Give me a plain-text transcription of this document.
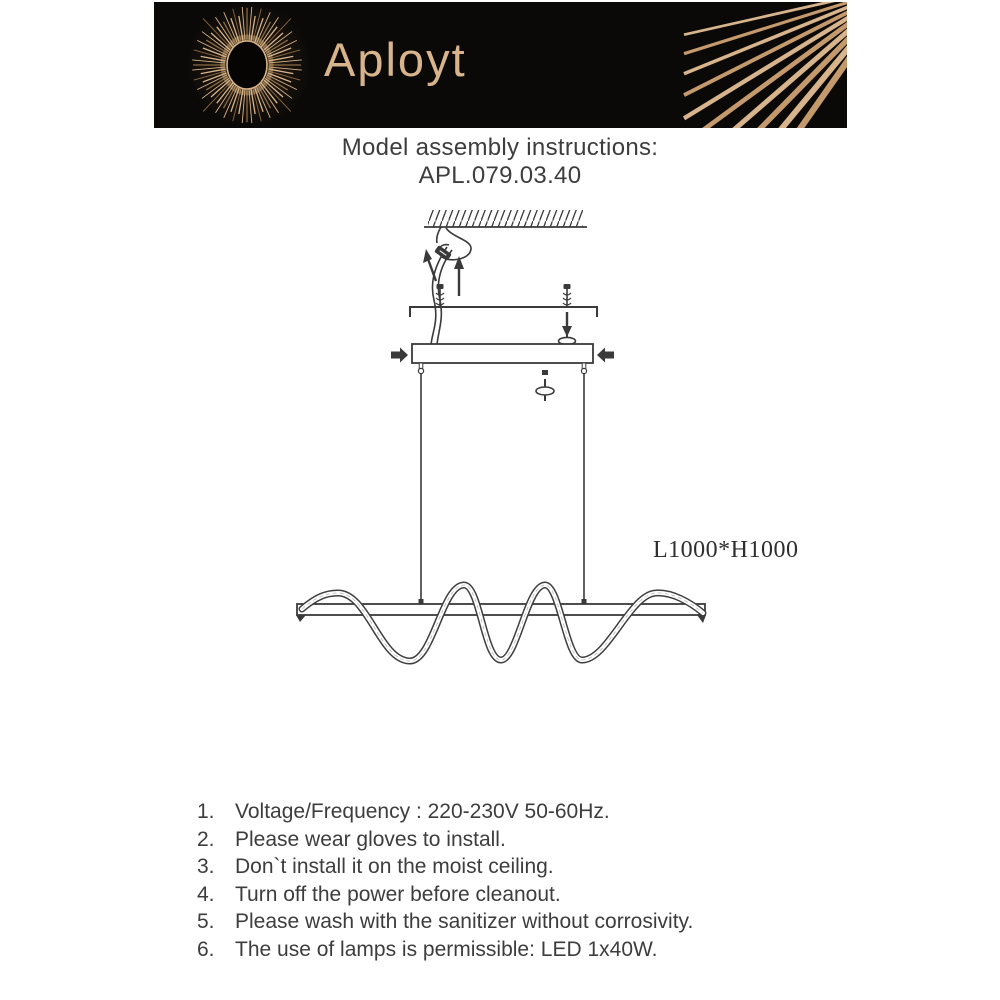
Aployt
Model assembly instructions:
APL.079.03.40
L1000*H1000
1. Voltage/Frequency : 220-230V 50-60Hz.
2. Please wear gloves to install.
3. Don`t install it on the moist ceiling.
4. Turn off the power before cleanout.
5. Please wash with the sanitizer without corrosivity.
6. The use of lamps is permissible: LED 1x40W.
